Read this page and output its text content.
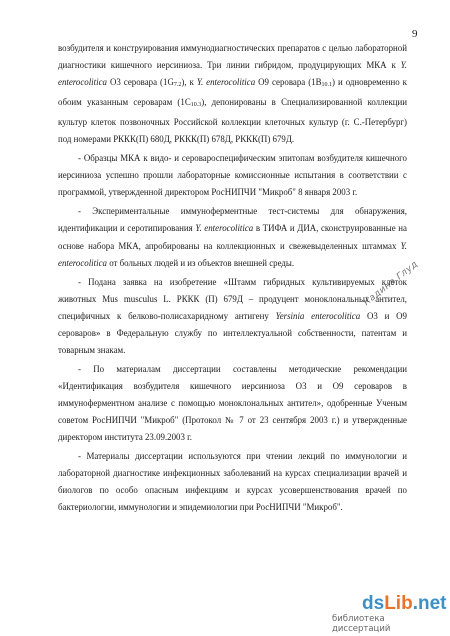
9

возбудителя и конструирования иммунодиагностических препаратов с целью лабораторной диагностики кишечного иерсиниоза. Три линии гибридом, продуцирующих МКА к Y. enterocolitica O3 серовара (1G7.2), к Y. enterocolitica O9 серовара (1B10.1) и одновременно к обоим указанным сероварам (1C10.3), депонированы в Специализированной коллекции культур клеток позвоночных Российской коллекции клеточных культур (г. С.-Петербург) под номерами РККК(П) 680Д, РККК(П) 678Д, РККК(П) 679Д.

- Образцы МКА к видо- и серовароспецифическим эпитопам возбудителя кишечного иерсиниоза успешно прошли лабораторные комиссионные испытания в соответствии с программой, утвержденной директором РосНИПЧИ "Микроб" 8 января 2003 г.

- Экспериментальные иммуноферментные тест-системы для обнаружения, идентификации и серотипирования Y. enterocolitica в ТИФА и ДИА, сконструированные на основе набора МКА, апробированы на коллекционных и свежевыделенных штаммах Y. enterocolitica от больных людей и из объектов внешней среды.

- Подана заявка на изобретение «Штамм гибридных культивируемых клеток животных Mus musculus L. РККК (П) 679Д – продуцент моноклональных антител, специфичных к белково-полисахаридному антигену Yersinia enterocolitica O3 и O9 сероваров» в Федеральную службу по интеллектуальной собственности, патентам и товарным знакам.

- По материалам диссертации составлены методические рекомендации «Идентификация возбудителя кишечного иерсиниоза O3 и O9 сероваров в иммуноферментном анализе с помощью моноклональных антител», одобренные Ученым советом РосНИПЧИ "Микроб" (Протокол № 7 от 23 сентября 2003 г.) и утвержденные директором института 23.09.2003 г.

- Материалы диссертации используются при чтении лекций по иммунологии и лабораторной диагностике инфекционных заболеваний на курсах специализации врачей и биологов по особо опасным инфекциям и курсах усовершенствования врачей по бактериологии, иммунологии и эпидемиологии при РосНИПЧИ "Микроб".

Кадина Глуд
dsLib.net
библиотека диссертаций
